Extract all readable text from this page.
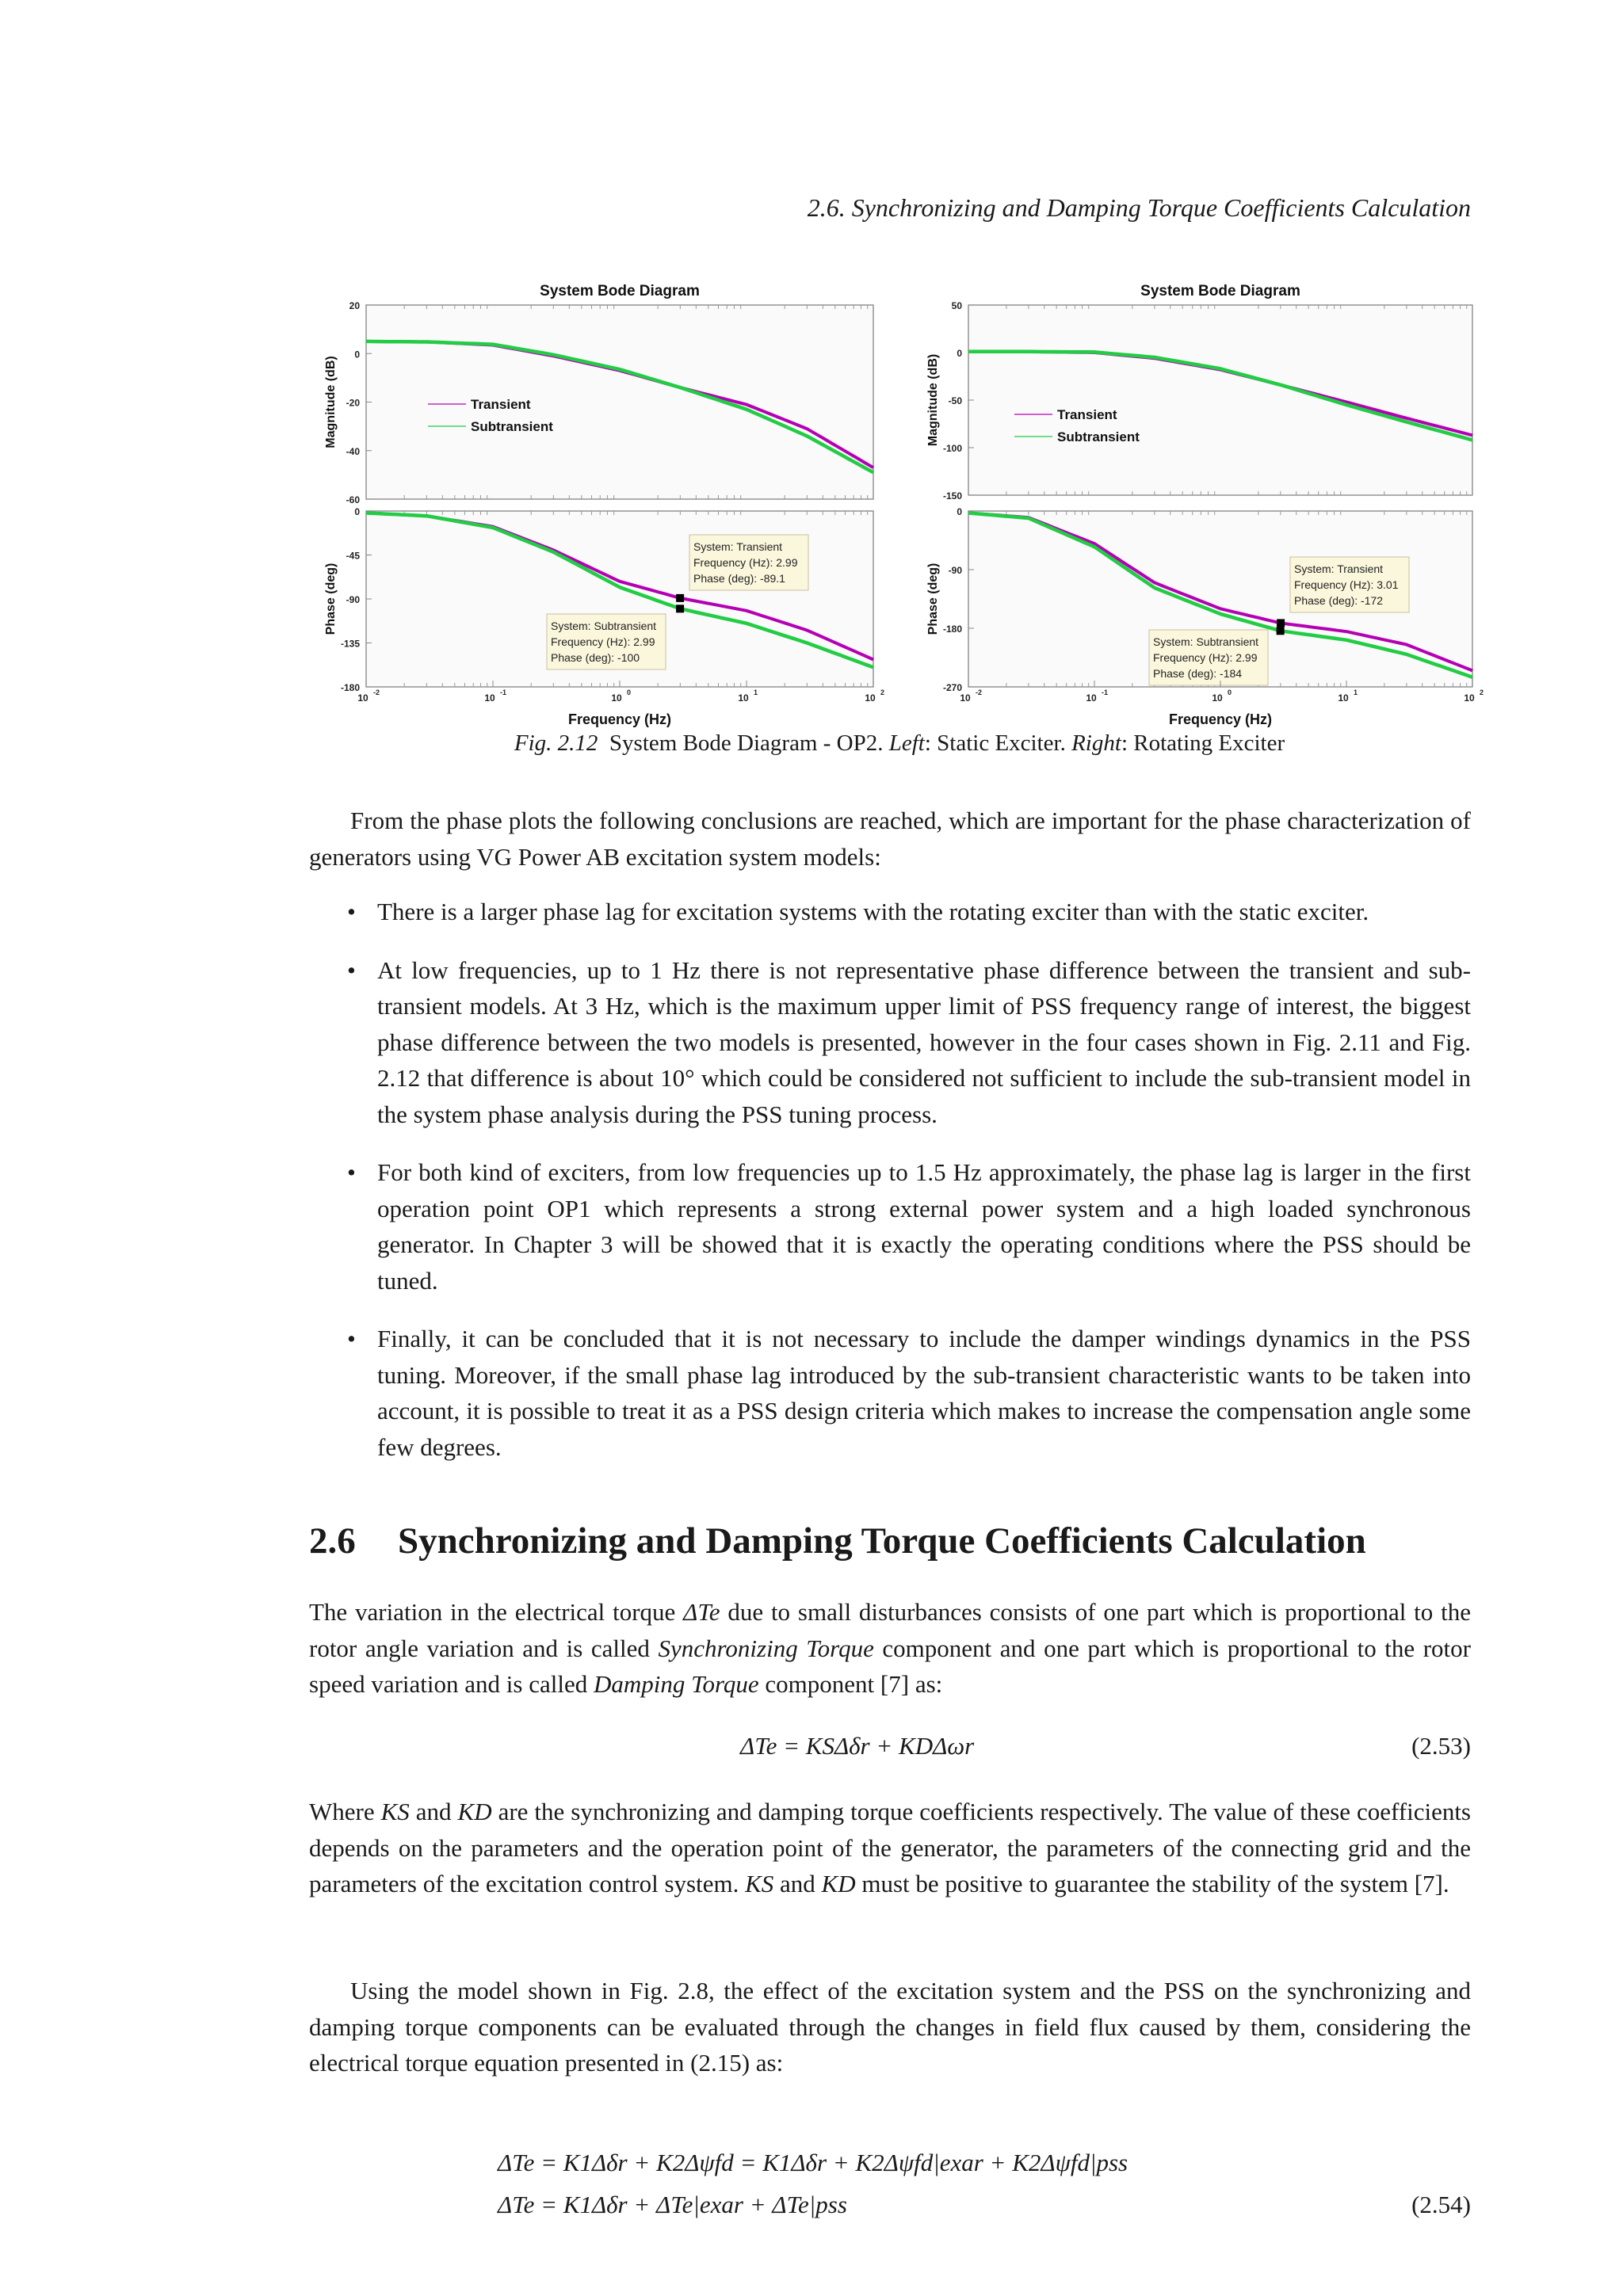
2.6. Synchronizing and Damping Torque Coefficients Calculation
System Bode Diagram
20
0
-20
-40
-60
Magnitude (dB)	Transient
Subtransient
0
-45
-90
-135
-180
Phase (deg)
System: Transient
Frequency (Hz): 2.99
Phase (deg): -89.1
System: Subtransient
Frequency (Hz): 2.99
Phase (deg): -100
10 -2	10 -1	10 0	10 1	10 2
Frequency (Hz)
System Bode Diagram
50
0
-50
-100
-150
Magnitude (dB)	Transient
Subtransient
0
-90
-180
-270
Phase (deg)	System: Transient
Frequency (Hz): 3.01
Phase (deg): -172
System: Subtransient
Frequency (Hz): 2.99
Phase (deg): -184
10 -2	10 -1	10 0	10 1	10 2
Frequency (Hz)
Fig. 2.12 System Bode Diagram - OP2. Left: Static Exciter. Right: Rotating Exciter
From the phase plots the following conclusions are reached, which are important for the phase characterization of generators using VG Power AB excitation system models:
• There is a larger phase lag for excitation systems with the rotating exciter than with the static exciter.
• At low frequencies, up to 1 Hz there is not representative phase difference between the transient and sub-transient models. At 3 Hz, which is the maximum upper limit of PSS frequency range of interest, the biggest phase difference between the two models is presented, however in the four cases shown in Fig. 2.11 and Fig. 2.12 that difference is about 10° which could be considered not sufficient to include the sub-transient model in the system phase analysis during the PSS tuning process.
• For both kind of exciters, from low frequencies up to 1.5 Hz approximately, the phase lag is larger in the first operation point OP1 which represents a strong external power system and a high loaded synchronous generator. In Chapter 3 will be showed that it is exactly the operating conditions where the PSS should be tuned.
• Finally, it can be concluded that it is not necessary to include the damper windings dynamics in the PSS tuning. Moreover, if the small phase lag introduced by the sub-transient characteristic wants to be taken into account, it is possible to treat it as a PSS design criteria which makes to increase the compensation angle some few degrees.
2.6 Synchronizing and Damping Torque Coefficients Calculation
The variation in the electrical torque ΔTe due to small disturbances consists of one part which is proportional to the rotor angle variation and is called Synchronizing Torque component and one part which is proportional to the rotor speed variation and is called Damping Torque component [7] as:
ΔTe = KSΔδr + KDΔωr	(2.53)
Where KS and KD are the synchronizing and damping torque coefficients respectively. The value of these coefficients depends on the parameters and the operation point of the generator, the parameters of the connecting grid and the parameters of the excitation control system. KS and KD must be positive to guarantee the stability of the system [7].
Using the model shown in Fig. 2.8, the effect of the excitation system and the PSS on the synchronizing and damping torque components can be evaluated through the changes in field flux caused by them, considering the electrical torque equation presented in (2.15) as:
ΔTe = K1Δδr + K2Δψfd = K1Δδr + K2Δψfd|exar + K2Δψfd|pss
ΔTe = K1Δδr + ΔTe|exar + ΔTe|pss	(2.54)
